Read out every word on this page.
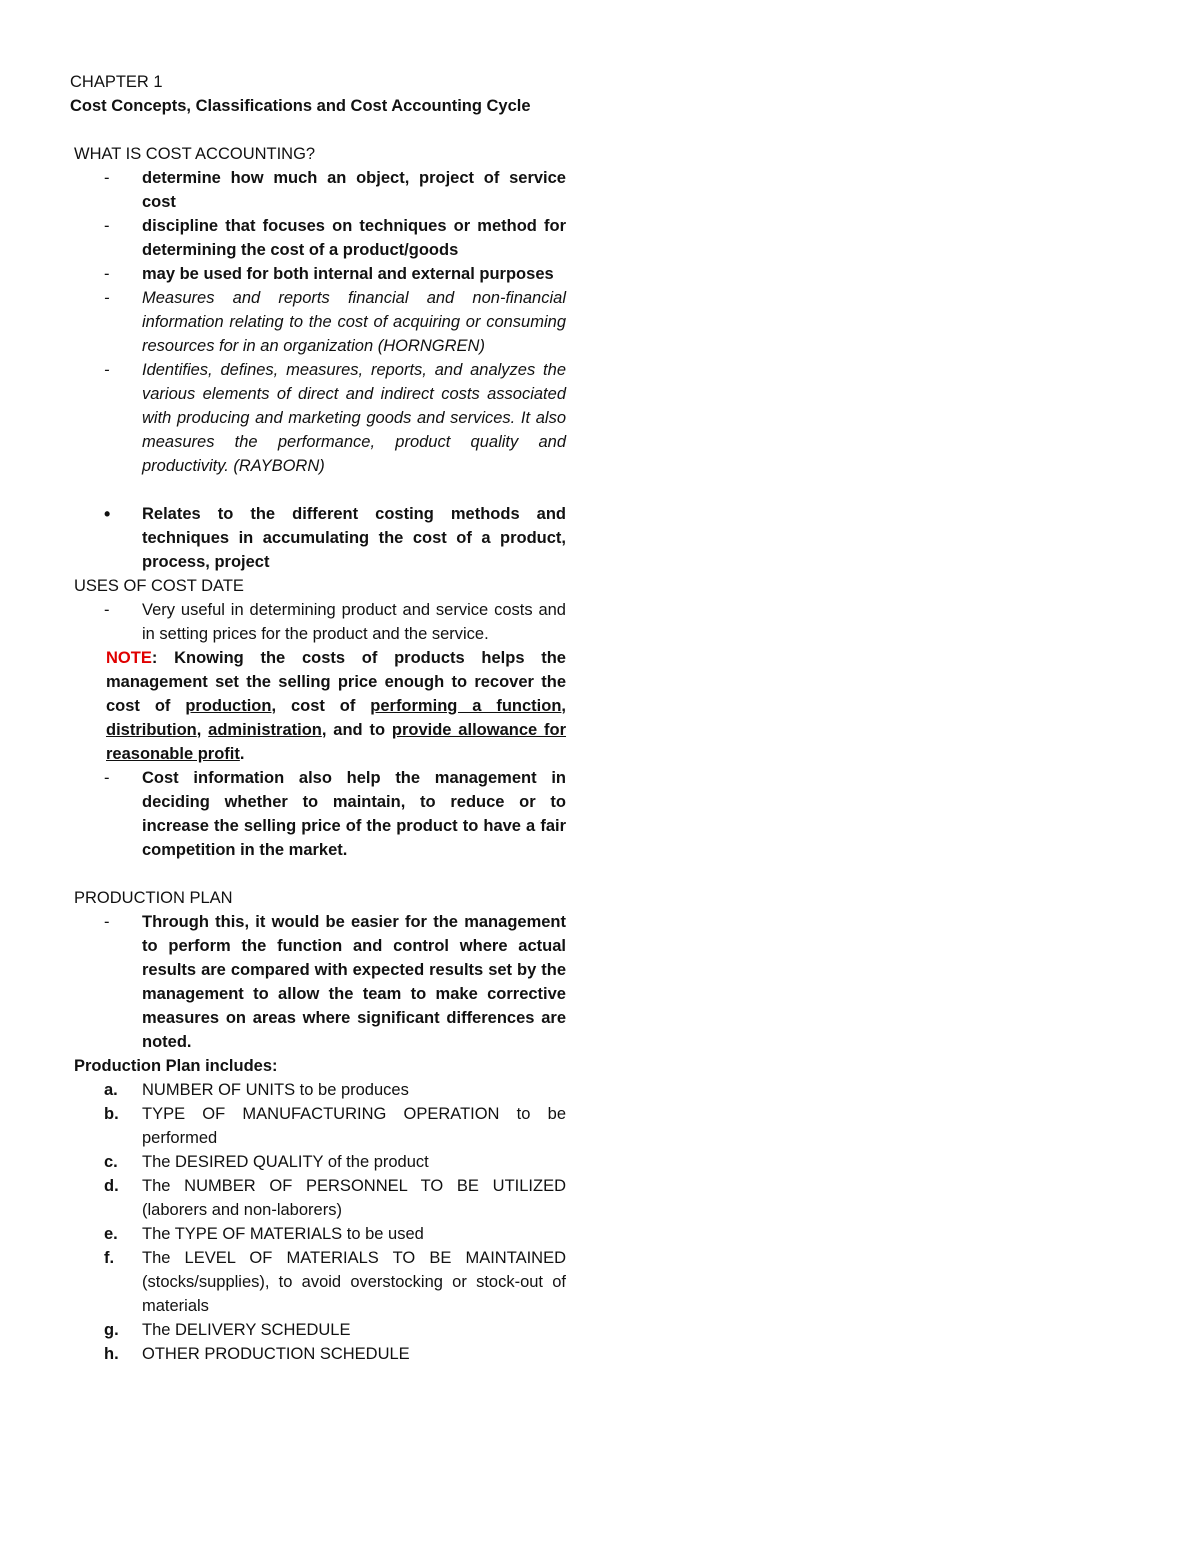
CHAPTER 1
Cost Concepts, Classifications and Cost Accounting Cycle
WHAT IS COST ACCOUNTING?
- determine how much an object, project of service cost
- discipline that focuses on techniques or method for determining the cost of a product/goods
- may be used for both internal and external purposes
- Measures and reports financial and non-financial information relating to the cost of acquiring or consuming resources for in an organization (HORNGREN)
- Identifies, defines, measures, reports, and analyzes the various elements of direct and indirect costs associated with producing and marketing goods and services. It also measures the performance, product quality and productivity. (RAYBORN)
• Relates to the different costing methods and techniques in accumulating the cost of a product, process, project
USES OF COST DATE
- Very useful in determining product and service costs and in setting prices for the product and the service.
NOTE: Knowing the costs of products helps the management set the selling price enough to recover the cost of production, cost of performing a function, distribution, administration, and to provide allowance for reasonable profit.
- Cost information also help the management in deciding whether to maintain, to reduce or to increase the selling price of the product to have a fair competition in the market.
PRODUCTION PLAN
- Through this, it would be easier for the management to perform the function and control where actual results are compared with expected results set by the management to allow the team to make corrective measures on areas where significant differences are noted.
Production Plan includes:
a. NUMBER OF UNITS to be produces
b. TYPE OF MANUFACTURING OPERATION to be performed
c. The DESIRED QUALITY of the product
d. The NUMBER OF PERSONNEL TO BE UTILIZED (laborers and non-laborers)
e. The TYPE OF MATERIALS to be used
f. The LEVEL OF MATERIALS TO BE MAINTAINED (stocks/supplies), to avoid overstocking or stock-out of materials
g. The DELIVERY SCHEDULE
h. OTHER PRODUCTION SCHEDULE
